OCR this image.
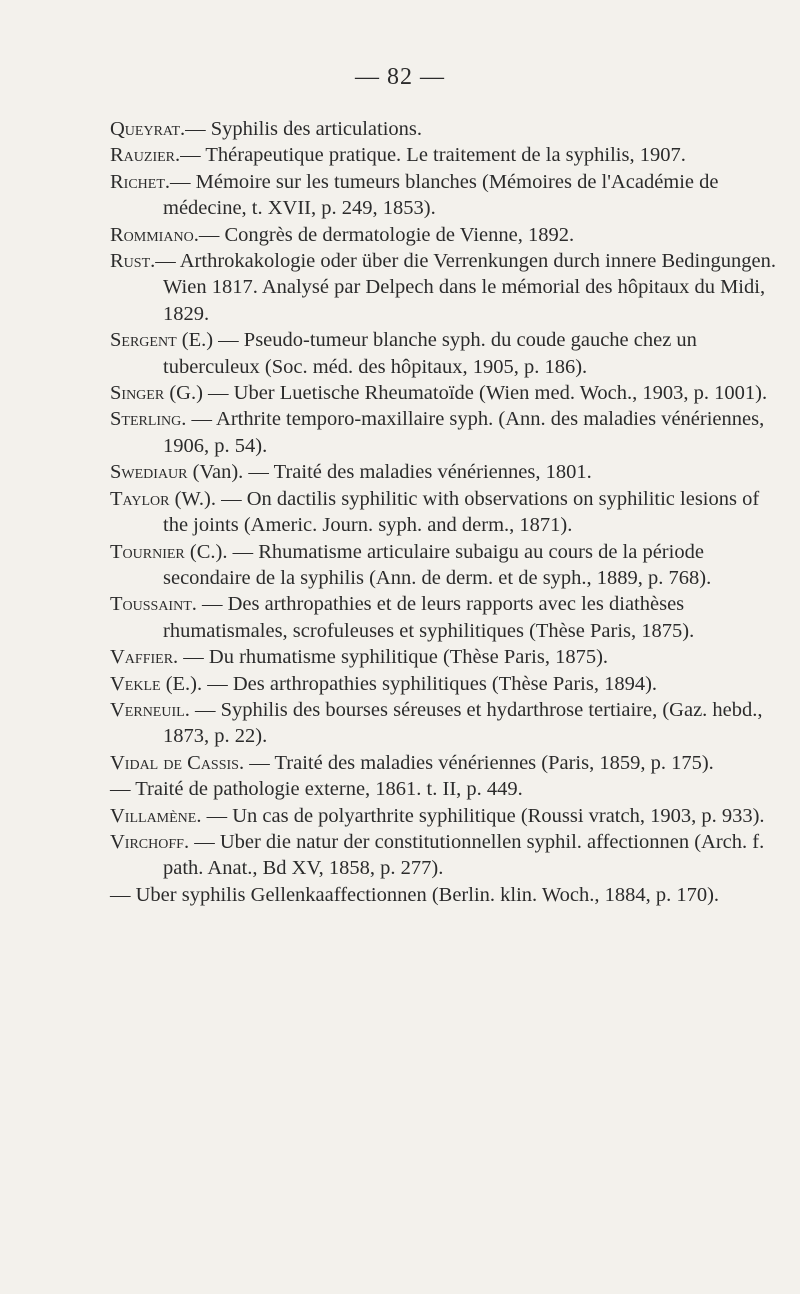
— 82 —

Queyrat.— Syphilis des articulations.

Rauzier.— Thérapeutique pratique. Le traitement de la syphilis, 1907.

Richet.— Mémoire sur les tumeurs blanches (Mémoires de l'Académie de médecine, t. XVII, p. 249, 1853).

Rommiano.— Congrès de dermatologie de Vienne, 1892.

Rust.— Arthrokakologie oder über die Verrenkungen durch innere Bedingungen. Wien 1817. Analysé par Delpech dans le mémorial des hôpitaux du Midi, 1829.

Sergent (E.) — Pseudo-tumeur blanche syph. du coude gauche chez un tuberculeux (Soc. méd. des hôpitaux, 1905, p. 186).

Singer (G.) — Uber Luetische Rheumatoïde (Wien med. Woch., 1903, p. 1001).

Sterling. — Arthrite temporo-maxillaire syph. (Ann. des maladies vénériennes, 1906, p. 54).

Swediaur (Van). — Traité des maladies vénériennes, 1801.

Taylor (W.). — On dactilis syphilitic with observations on syphilitic lesions of the joints (Americ. Journ. syph. and derm., 1871).

Tournier (C.). — Rhumatisme articulaire subaigu au cours de la période secondaire de la syphilis (Ann. de derm. et de syph., 1889, p. 768).

Toussaint. — Des arthropathies et de leurs rapports avec les diathèses rhumatismales, scrofuleuses et syphilitiques (Thèse Paris, 1875).

Vaffier. — Du rhumatisme syphilitique (Thèse Paris, 1875).

Vekle (E.). — Des arthropathies syphilitiques (Thèse Paris, 1894).

Verneuil. — Syphilis des bourses séreuses et hydarthrose tertiaire, (Gaz. hebd., 1873, p. 22).

Vidal de Cassis. — Traité des maladies vénériennes (Paris, 1859, p. 175).

— Traité de pathologie externe, 1861. t. II, p. 449.

Villamène. — Un cas de polyarthrite syphilitique (Roussi vratch, 1903, p. 933).

Virchoff. — Uber die natur der constitutionnellen syphil. affectionnen (Arch. f. path. Anat., Bd XV, 1858, p. 277).

— Uber syphilis Gellenkaaffectionnen (Berlin. klin. Woch., 1884, p. 170).
